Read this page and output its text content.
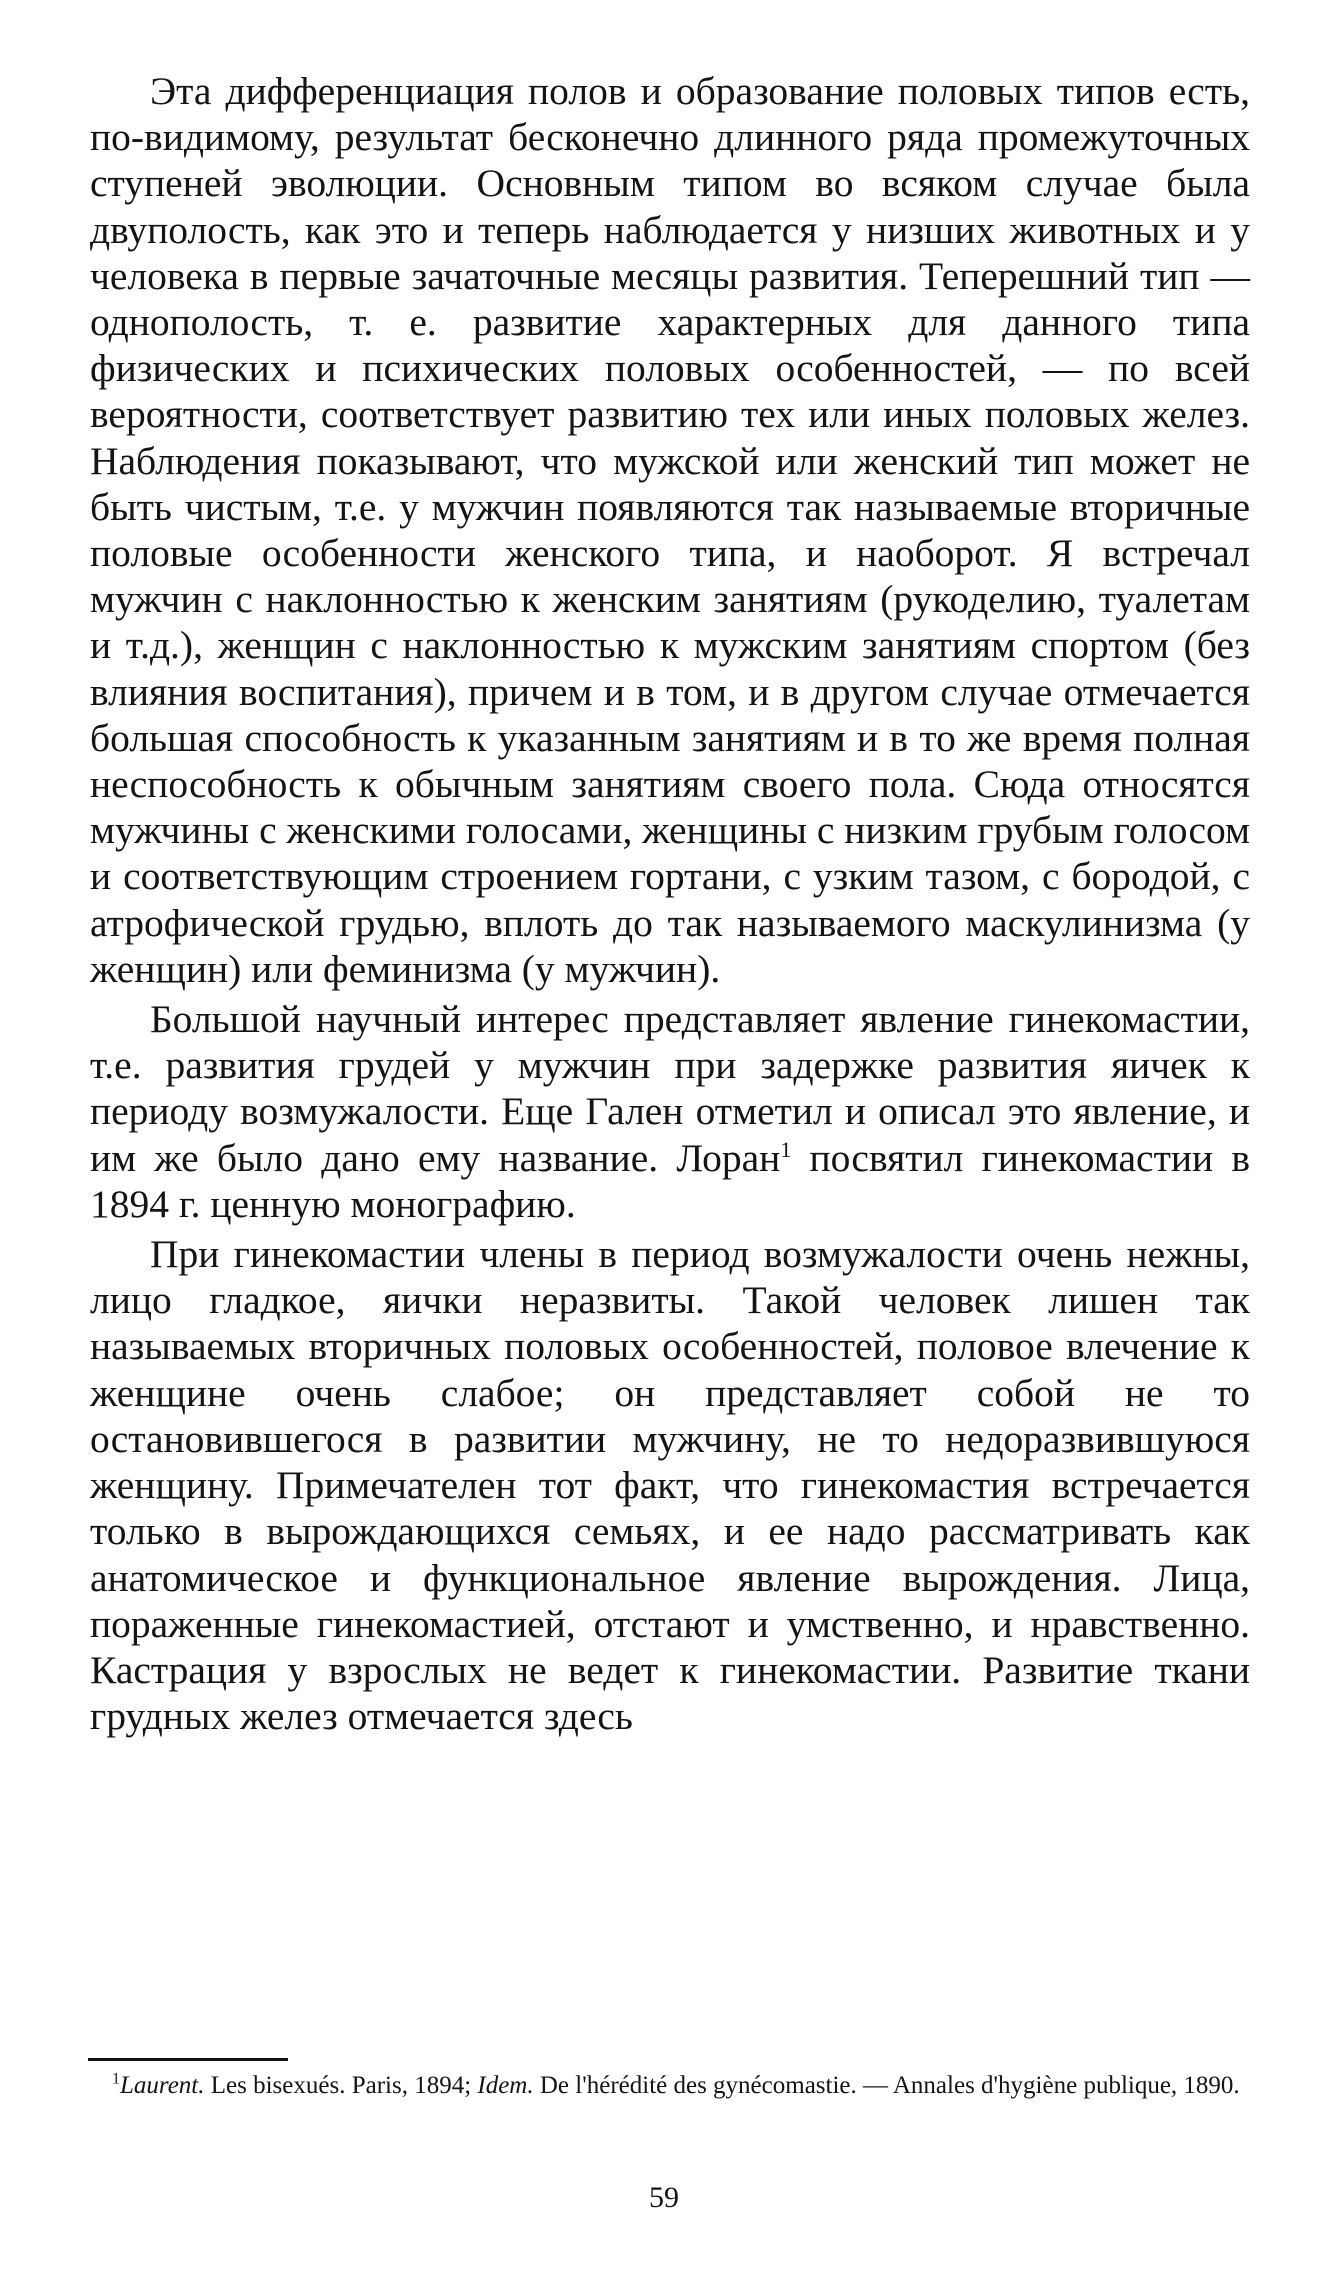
Эта дифференциация полов и образование половых типов есть, по-видимому, результат бесконечно длинного ряда промежуточных ступеней эволюции. Основным типом во всяком случае была двуполость, как это и теперь наблюдается у низших животных и у человека в первые зачаточные месяцы развития. Теперешний тип — однополость, т. е. развитие характерных для данного типа физических и психических половых особенностей, — по всей вероятности, соответствует развитию тех или иных половых желез. Наблюдения показывают, что мужской или женский тип может не быть чистым, т.е. у мужчин появляются так называемые вторичные половые особенности женского типа, и наоборот. Я встречал мужчин с наклонностью к женским занятиям (рукоделию, туалетам и т.д.), женщин с наклонностью к мужским занятиям спортом (без влияния воспитания), причем и в том, и в другом случае отмечается большая способность к указанным занятиям и в то же время полная неспособность к обычным занятиям своего пола. Сюда относятся мужчины с женскими голосами, женщины с низким грубым голосом и соответствующим строением гортани, с узким тазом, с бородой, с атрофической грудью, вплоть до так называемого маскулинизма (у женщин) или феминизма (у мужчин).

Большой научный интерес представляет явление гинекомастии, т.е. развития грудей у мужчин при задержке развития яичек к периоду возмужалости. Еще Гален отметил и описал это явление, и им же было дано ему название. Лоран$^1$ посвятил гинекомастии в 1894 г. ценную монографию.

При гинекомастии члены в период возмужалости очень нежны, лицо гладкое, яички неразвиты. Такой человек лишен так называемых вторичных половых особенностей, половое влечение к женщине очень слабое; он представляет собой не то остановившегося в развитии мужчину, не то недоразвившуюся женщину. Примечателен тот факт, что гинекомастия встречается только в вырождающихся семьях, и ее надо рассматривать как анатомическое и функциональное явление вырождения. Лица, пораженные гинекомастией, отстают и умственно, и нравственно. Кастрация у взрослых не ведет к гинекомастии. Развитие ткани грудных желез отмечается здесь

$^1$Laurent. Les bisexués. Paris, 1894; Idem. De l'hérédité des gynécomastie. — Annales d'hygiène publique, 1890.

59
